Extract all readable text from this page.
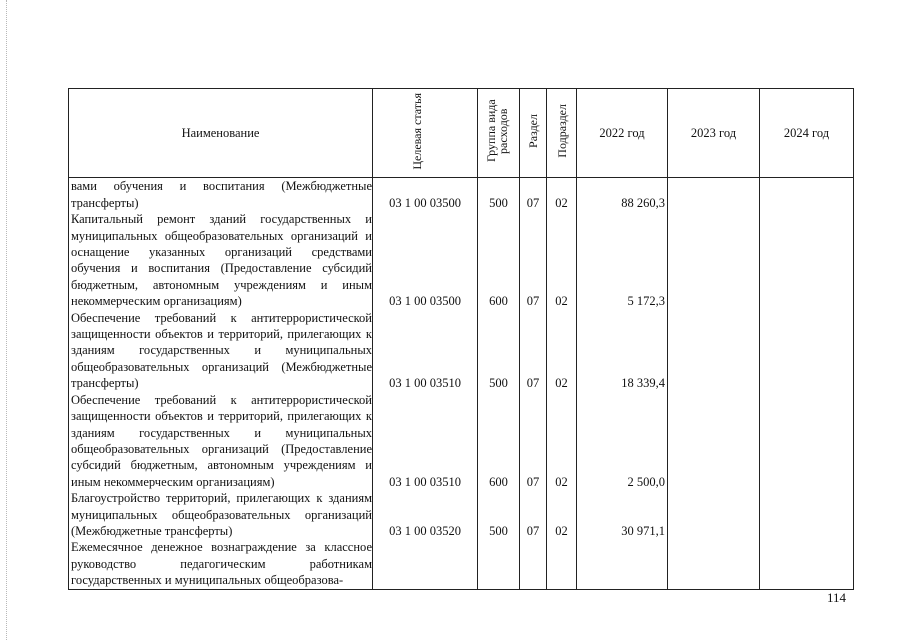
Наименование	Целевая статья	Группа вида расходов	Раздел	Подраздел	2022 год	2023 год	2024 год

вами обучения и воспитания (Межбюджетные трансферты)	03 1 00 03500	500	07	02	88 260,3		

Капитальный ремонт зданий государственных и муниципальных общеобразовательных организаций и оснащение указанных организаций средствами обучения и воспитания (Предоставление субсидий бюджетным, автономным учреждениям и иным некоммерческим организациям)	03 1 00 03500	600	07	02	5 172,3		

Обеспечение требований к антитеррористической защищенности объектов и территорий, прилегающих к зданиям государственных и муниципальных общеобразовательных организаций (Межбюджетные трансферты)	03 1 00 03510	500	07	02	18 339,4		

Обеспечение требований к антитеррористической защищенности объектов и территорий, прилегающих к зданиям государственных и муниципальных общеобразовательных организаций (Предоставление субсидий бюджетным, автономным учреждениям и иным некоммерческим организациям)	03 1 00 03510	600	07	02	2 500,0		

Благоустройство территорий, прилегающих к зданиям муниципальных общеобразовательных организаций (Межбюджетные трансферты)	03 1 00 03520	500	07	02	30 971,1		

Ежемесячное денежное вознаграждение за классное руководство педагогическим работникам государственных и муниципальных общеобразова-							

114
